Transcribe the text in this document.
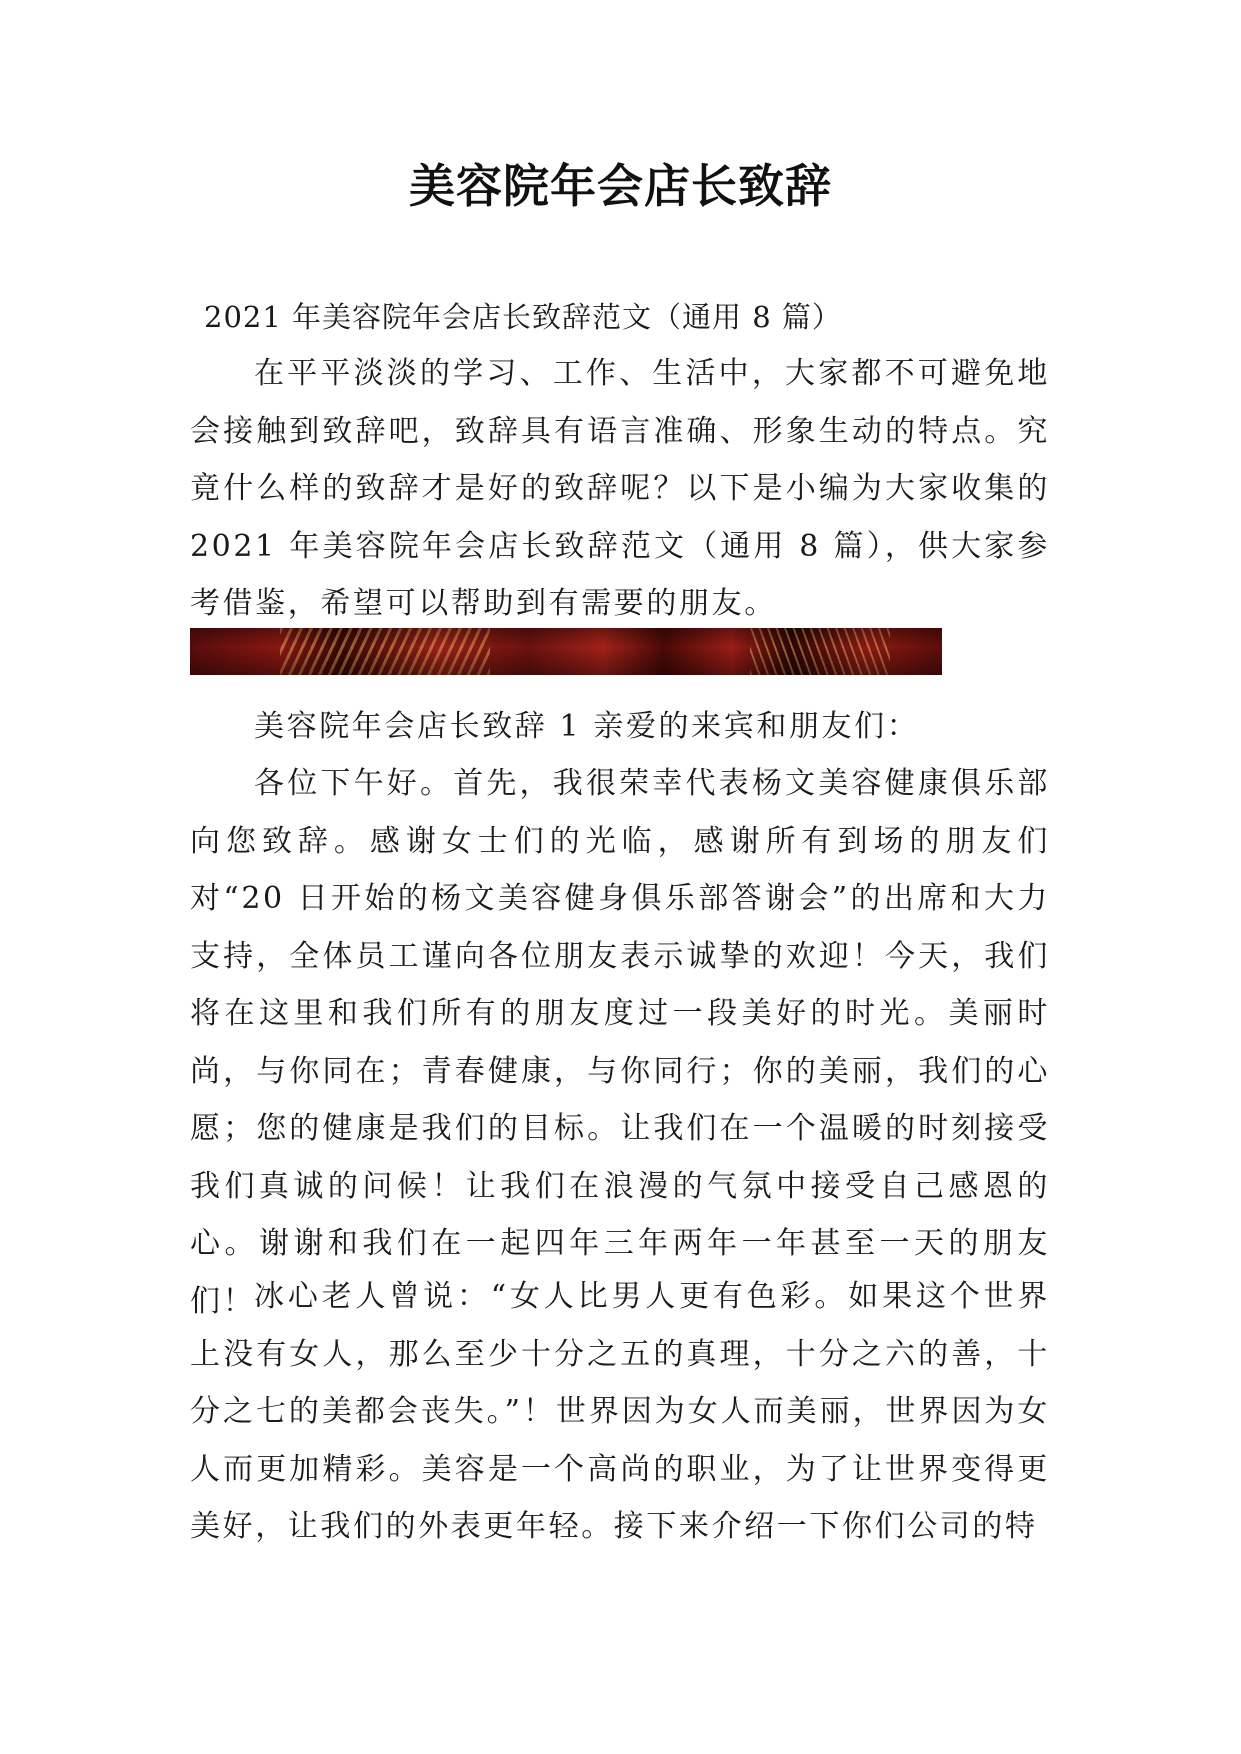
美容院年会店长致辞
2021 年美容院年会店长致辞范文（通用 8 篇）

在平平淡淡的学习、工作、生活中，大家都不可避免地会接触到致辞吧，致辞具有语言准确、形象生动的特点。究竟什么样的致辞才是好的致辞呢？以下是小编为大家收集的 2021 年美容院年会店长致辞范文（通用 8 篇），供大家参考借鉴，希望可以帮助到有需要的朋友。

美容院年会店长致辞 1 亲爱的来宾和朋友们：

各位下午好。首先，我很荣幸代表杨文美容健康俱乐部向您致辞。感谢女士们的光临，感谢所有到场的朋友们对“20 日开始的杨文美容健身俱乐部答谢会”的出席和大力支持，全体员工谨向各位朋友表示诚挚的欢迎！今天，我们将在这里和我们所有的朋友度过一段美好的时光。美丽时尚，与你同在；青春健康，与你同行；你的美丽，我们的心愿；您的健康是我们的目标。让我们在一个温暖的时刻接受我们真诚的问候！让我们在浪漫的气氛中接受自己感恩的心。谢谢和我们在一起四年三年两年一年甚至一天的朋友们！

冰心老人曾说：“女人比男人更有色彩。如果这个世界上没有女人，那么至少十分之五的真理，十分之六的善，十分之七的美都会丧失。”！世界因为女人而美丽，世界因为女人而更加精彩。美容是一个高尚的职业，为了让世界变得更美好，让我们的外表更年轻。接下来介绍一下你们公司的特
